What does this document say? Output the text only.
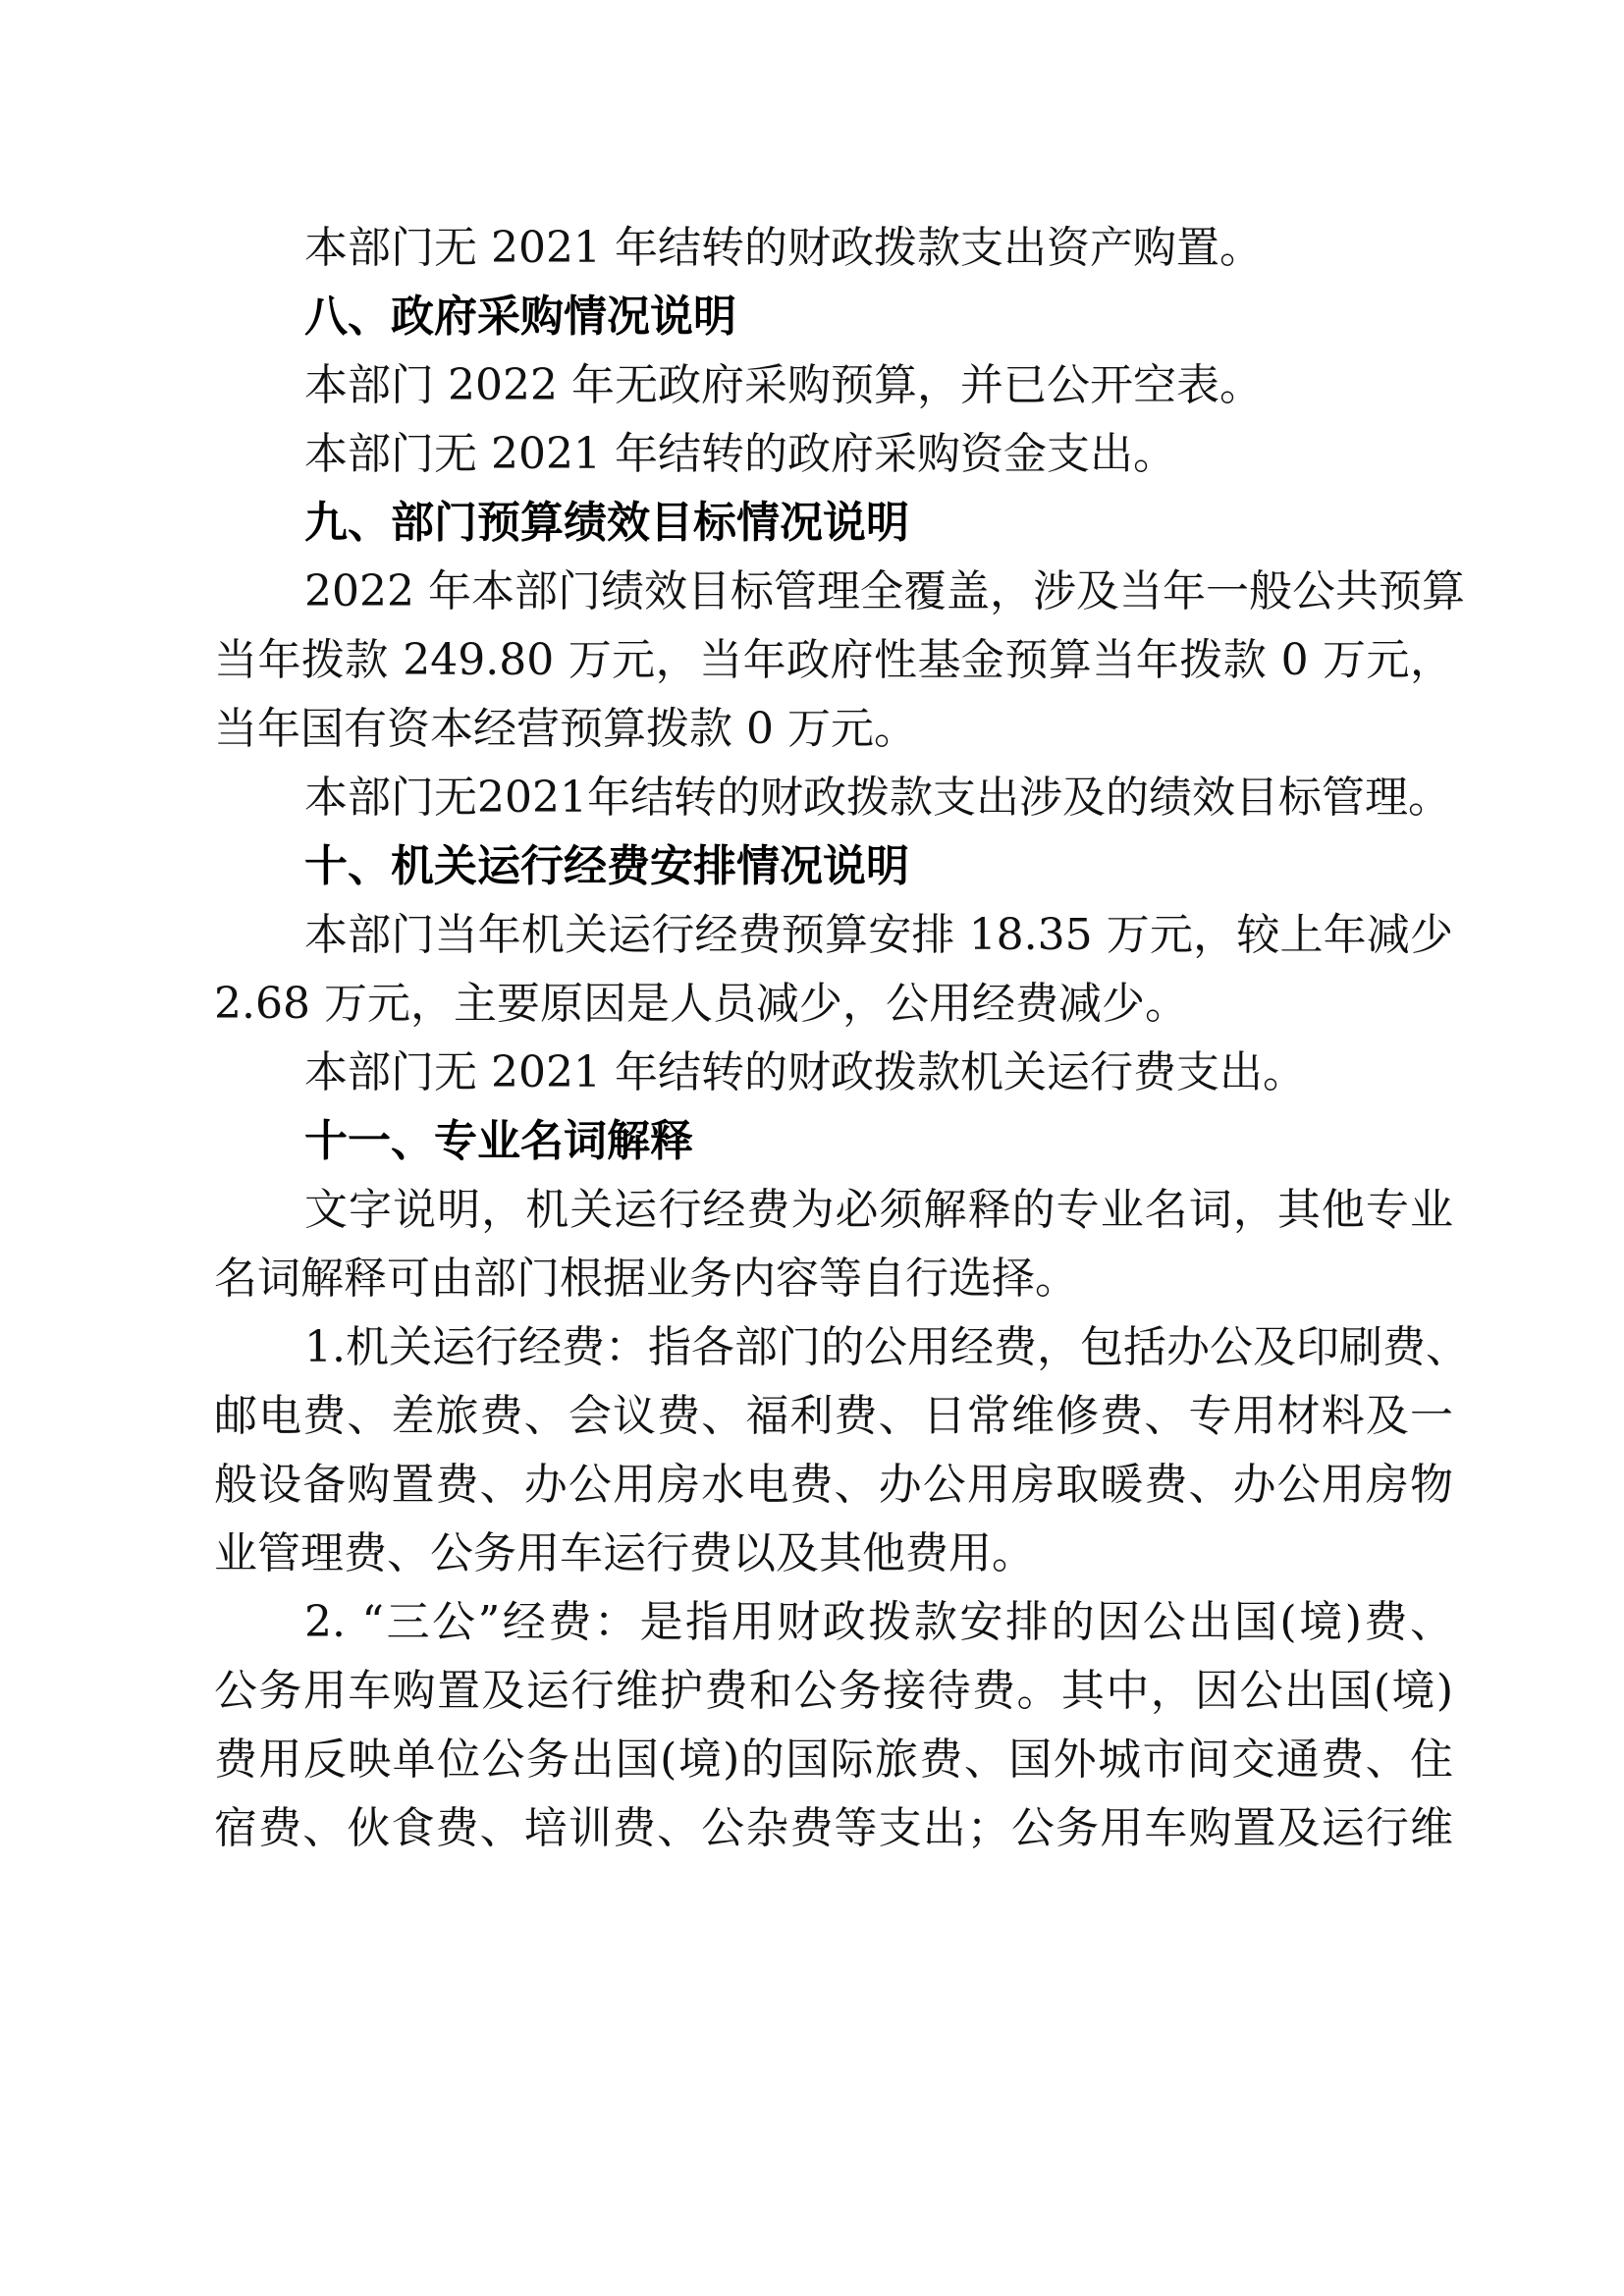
本部门无 2021 年结转的财政拨款支出资产购置。
八、政府采购情况说明
本部门 2022 年无政府采购预算，并已公开空表。
本部门无 2021 年结转的政府采购资金支出。
九、部门预算绩效目标情况说明
2022 年本部门绩效目标管理全覆盖，涉及当年一般公共预算
当年拨款 249.80 万元，当年政府性基金预算当年拨款 0 万元，
当年国有资本经营预算拨款 0 万元。
本部门无2021年结转的财政拨款支出涉及的绩效目标管理。
十、机关运行经费安排情况说明
本部门当年机关运行经费预算安排 18.35 万元，较上年减少
2.68 万元，主要原因是人员减少，公用经费减少。
本部门无 2021 年结转的财政拨款机关运行费支出。
十一、专业名词解释
文字说明，机关运行经费为必须解释的专业名词，其他专业
名词解释可由部门根据业务内容等自行选择。
1.机关运行经费：指各部门的公用经费，包括办公及印刷费、
邮电费、差旅费、会议费、福利费、日常维修费、专用材料及一
般设备购置费、办公用房水电费、办公用房取暖费、办公用房物
业管理费、公务用车运行费以及其他费用。
2. “三公”经费：是指用财政拨款安排的因公出国(境)费、
公务用车购置及运行维护费和公务接待费。其中，因公出国(境)
费用反映单位公务出国(境)的国际旅费、国外城市间交通费、住
宿费、伙食费、培训费、公杂费等支出；公务用车购置及运行维
